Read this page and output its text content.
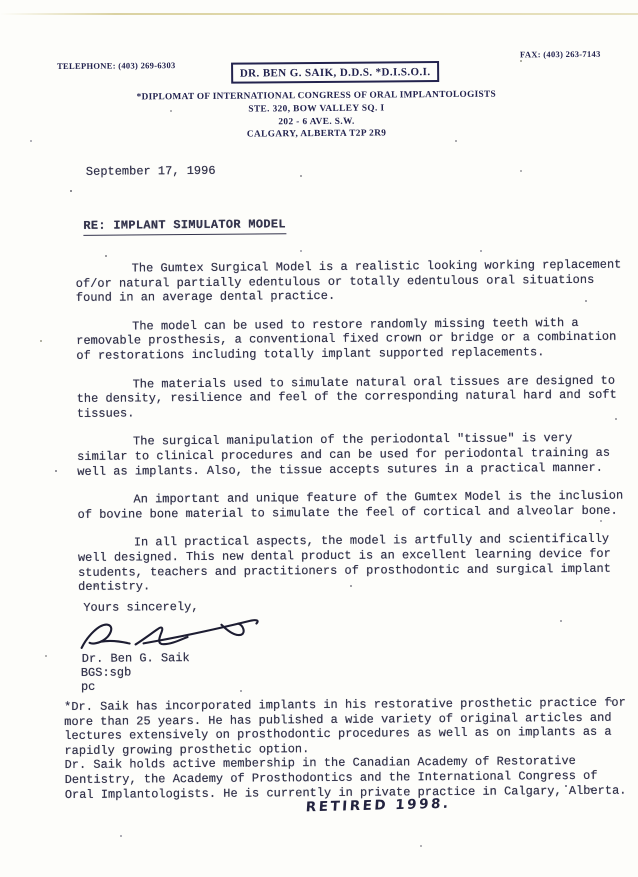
TELEPHONE: (403) 269-6303
FAX: (403) 263-7143
DR. BEN G. SAIK, D.D.S. *D.I.S.O.I.
*DIPLOMAT OF INTERNATIONAL CONGRESS OF ORAL IMPLANTOLOGISTS
STE. 320, BOW VALLEY SQ. I
202 - 6 AVE. S.W.
CALGARY, ALBERTA T2P 2R9
September 17, 1996
RE: IMPLANT SIMULATOR MODEL

The Gumtex Surgical Model is a realistic looking working replacement of/or natural partially edentulous or totally edentulous oral situations found in an average dental practice.

The model can be used to restore randomly missing teeth with a removable prosthesis, a conventional fixed crown or bridge or a combination of restorations including totally implant supported replacements.

The materials used to simulate natural oral tissues are designed to the density, resilience and feel of the corresponding natural hard and soft tissues.

The surgical manipulation of the periodontal "tissue" is very similar to clinical procedures and can be used for periodontal training as well as implants. Also, the tissue accepts sutures in a practical manner.

An important and unique feature of the Gumtex Model is the inclusion of bovine bone material to simulate the feel of cortical and alveolar bone.

In all practical aspects, the model is artfully and scientifically well designed. This new dental product is an excellent learning device for students, teachers and practitioners of prosthodontic and surgical implant dentistry.

Yours sincerely,
Dr. Ben G. Saik
BGS:sgb
pc

*Dr. Saik has incorporated implants in his restorative prosthetic practice for more than 25 years. He has published a wide variety of original articles and lectures extensively on prosthodontic procedures as well as on implants as a rapidly growing prosthetic option.

Dr. Saik holds active membership in the Canadian Academy of Restorative Dentistry, the Academy of Prosthodontics and the International Congress of Oral Implantologists. He is currently in private practice in Calgary, Alberta.

RETIRED 1998.
